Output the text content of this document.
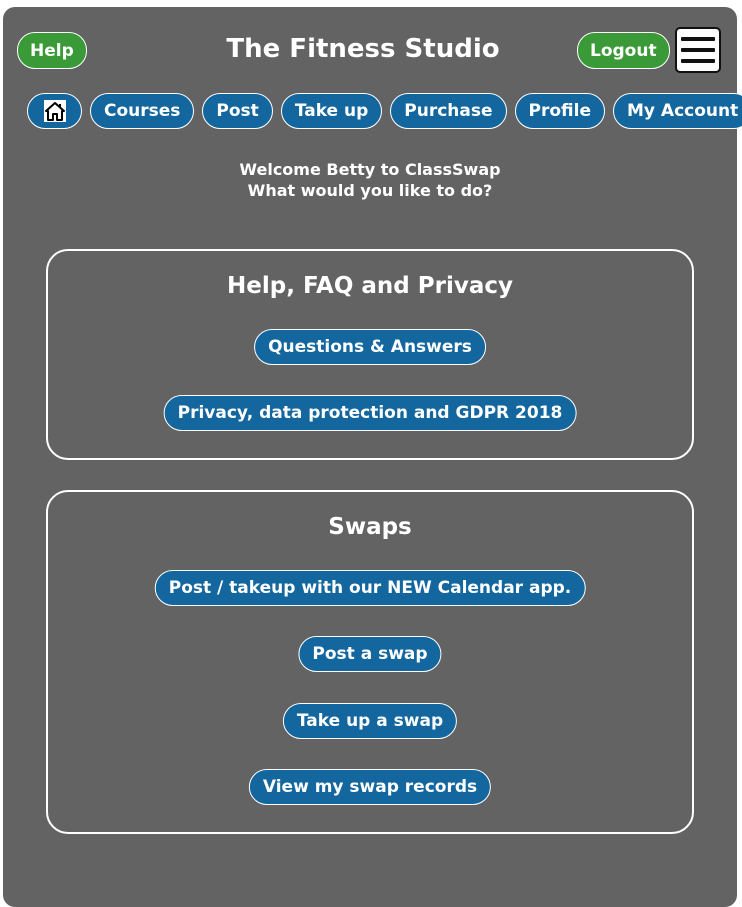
Help	The Fitness Studio	Logout
Courses	Post	Take up	Purchase	Profile	My Account
Welcome Betty to ClassSwap
What would you like to do?
Help, FAQ and Privacy
Questions & Answers
Privacy, data protection and GDPR 2018
Swaps
Post / takeup with our NEW Calendar app.
Post a swap
Take up a swap
View my swap records
